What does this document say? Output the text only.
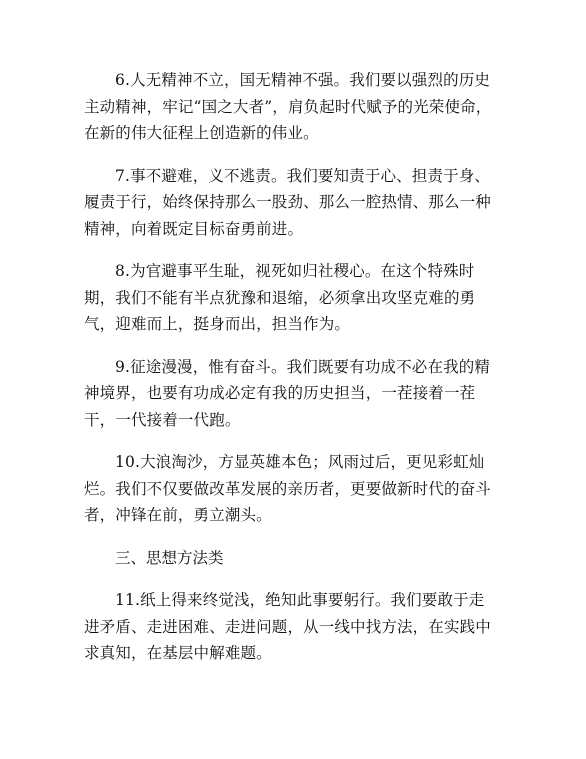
6.人无精神不立，国无精神不强。我们要以强烈的历史主动精神，牢记“国之大者”，肩负起时代赋予的光荣使命，在新的伟大征程上创造新的伟业。

7.事不避难，义不逃责。我们要知责于心、担责于身、履责于行，始终保持那么一股劲、那么一腔热情、那么一种精神，向着既定目标奋勇前进。

8.为官避事平生耻，视死如归社稷心。在这个特殊时期，我们不能有半点犹豫和退缩，必须拿出攻坚克难的勇气，迎难而上，挺身而出，担当作为。

9.征途漫漫，惟有奋斗。我们既要有功成不必在我的精神境界，也要有功成必定有我的历史担当，一茬接着一茬干，一代接着一代跑。

10.大浪淘沙，方显英雄本色；风雨过后，更见彩虹灿烂。我们不仅要做改革发展的亲历者，更要做新时代的奋斗者，冲锋在前，勇立潮头。

三、思想方法类

11.纸上得来终觉浅，绝知此事要躬行。我们要敢于走进矛盾、走进困难、走进问题，从一线中找方法，在实践中求真知，在基层中解难题。
